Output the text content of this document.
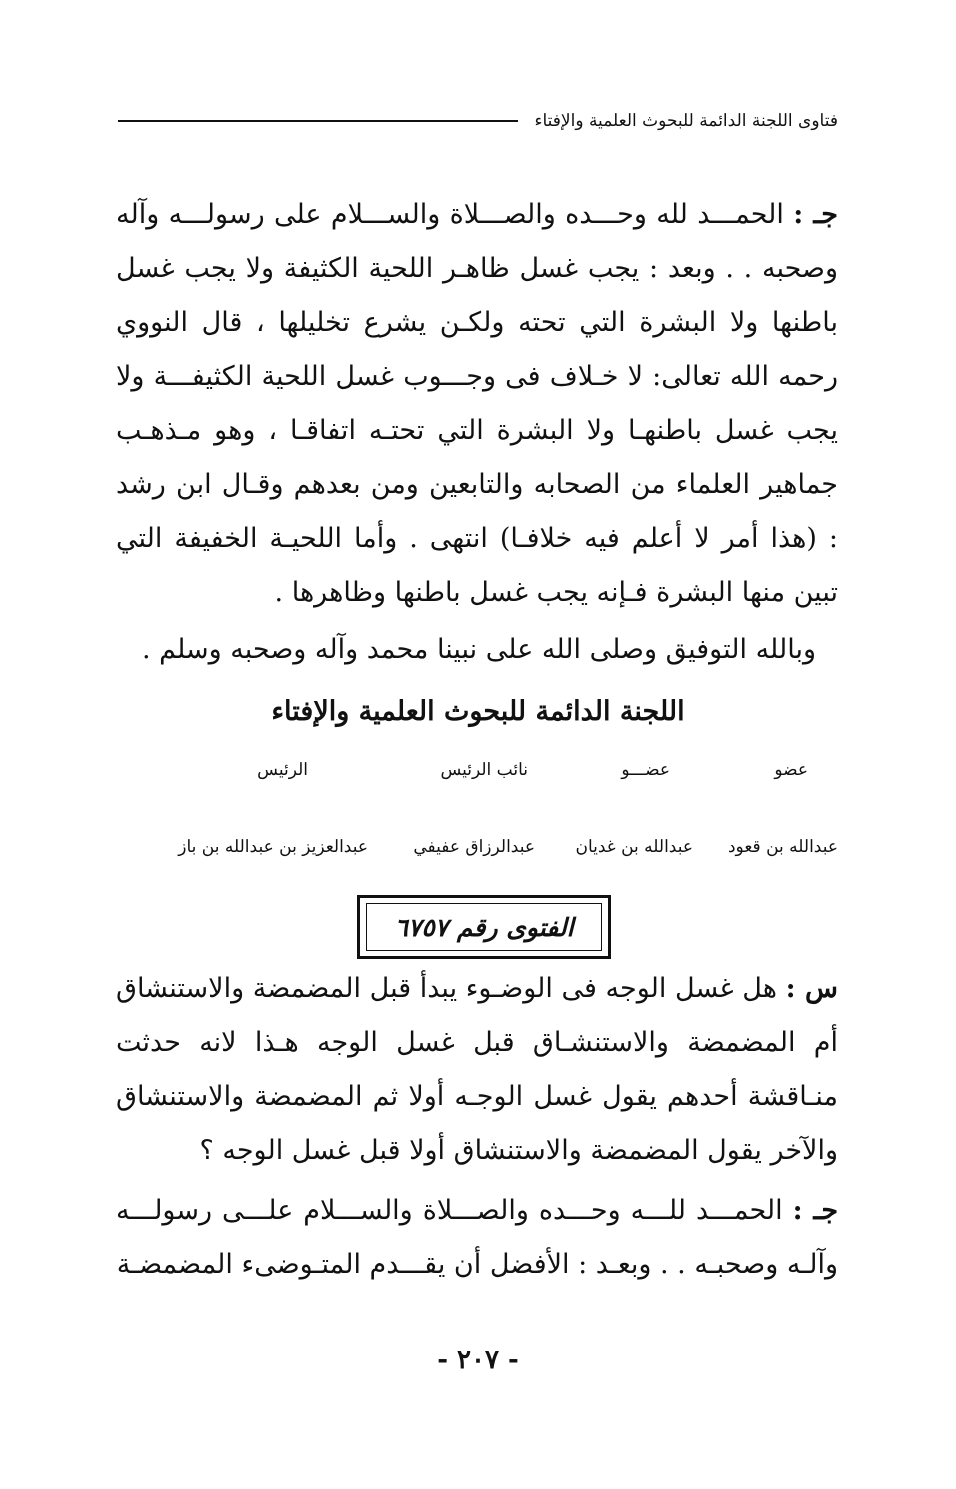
فتاوى اللجنة الدائمة للبحوث العلمية والإفتاء
جـ : الحمـــد لله وحـــده والصـــلاة والســـلام على رسولـــه وآله وصحبه . . وبعد : يجب غسل ظاهـر اللحية الكثيفة ولا يجب غسل باطنها ولا البشرة التي تحته ولكـن يشرع تخليلها ، قال النووي رحمه الله تعالى: لا خـلاف فى وجـــوب غسل اللحية الكثيفـــة ولا يجب غسل باطنهـا ولا البشرة التي تحتـه اتفاقـا ، وهو مـذهـب جماهير العلماء من الصحابه والتابعين ومن بعدهم وقـال ابن رشد : (هذا أمر لا أعلم فيه خلافـا) انتهى . وأما اللحيـة الخفيفة التي تبين منها البشرة فـإنه يجب غسل باطنها وظاهرها .
وبالله التوفيق وصلى الله على نبينا محمد وآله وصحبه وسلم .
اللجنة الدائمة للبحوث العلمية والإفتاء
عضو
عضـــو
نائب الرئيس
الرئيس
عبدالله بن قعود
عبدالله بن غديان
عبدالرزاق عفيفي
عبدالعزيز بن عبدالله بن باز
الفتوى رقم ٦٧٥٧
س : هل غسل الوجه فى الوضـوء يبدأ قبل المضمضة والاستنشاق أم المضمضة والاستنشـاق قبل غسل الوجه هـذا لانه حدثت منـاقشة أحدهم يقول غسل الوجـه أولا ثم المضمضة والاستنشاق والآخر يقول المضمضة والاستنشاق أولا قبل غسل الوجه ؟
جـ : الحمـــد للـــه وحـــده والصـــلاة والســـلام علـــى رسولـــه وآلـه وصحبـه . . وبعـد : الأفضل أن يقـــدم المتـوضىء المضمضـة
- ٢٠٧ -
